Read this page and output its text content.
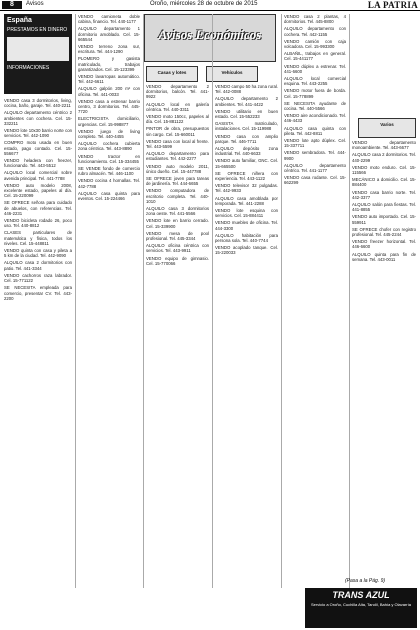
8	Avisos	Oroño, miércoles 28 de octubre de 2015	LA PATRIA
España
PRESTAMOS EN DINERO
INFORMACIONES
Avisos Económicos
Casas y lotes	Vehículos
Varios

VENDO casa 3 dormitorios, living, cocina, baño, garaje. Tel. 440-2211

ALQUILO departamento céntrico 2 ambientes con cochera. Cel. 15-332211

VENDO lote 10x30 barrio norte con servicios. Tel. 442-1090

COMPRO moto usada en buen estado, pago contado. Cel. 15-556677

VENDO heladera con freezer, funcionando. Tel. 443-5512

ALQUILO local comercial sobre avenida principal. Tel. 441-7788

VENDO auto modelo 2008, excelente estado, papeles al día. Cel. 15-220099

SE OFRECE señora para cuidado de abuelos, con referencias. Tel. 446-2231

VENDO bicicleta rodado 26, poco uso. Tel. 440-8812

CLASES particulares de matemática y física, todos los niveles. Cel. 15-448811

VENDO quinta con casa y pileta a 5 km de la ciudad. Tel. 442-9090

ALQUILO casa 2 dormitorios con patio. Tel. 441-3344

VENDO cachorros raza labrador. Cel. 15-771122

SE NECESITA empleada para comercio, presentar CV. Tel. 443-2200

VENDO camioneta doble cabina, financio. Tel. 440-1177

ALQUILO departamento 1 dormitorio amoblado. Cel. 15-665544

VENDO terreno zona sur, escritura. Tel. 444-1290

PLOMERO y gasista matriculado, trabajos garantizados. Cel. 15-123399

VENDO lavarropas automático. Tel. 442-6611

ALQUILO galpón 200 m² con oficina. Tel. 441-0033

VENDO casa a estrenar barrio centro, 3 dormitorios. Tel. 445-7720

ELECTRICISTA domiciliario, urgencias. Cel. 15-998877

VENDO juego de living completo. Tel. 440-4455

ALQUILO cochera cubierta zona céntrica. Tel. 443-8890

VENDO tractor en funcionamiento. Cel. 15-334455

SE VENDE fondo de comercio rubro almacén. Tel. 446-1100

VENDO cocina 4 hornallas. Tel. 442-7788

ALQUILO casa quinta para eventos. Cel. 15-224466

VENDO departamento 2 dormitorios, balcón. Tel. 441-9922

ALQUILO local en galería céntrica. Tel. 440-3311

VENDO moto 150cc, papeles al día. Cel. 15-881122

PINTOR de obra, presupuestos sin cargo. Cel. 15-660011

VENDO casa con local al frente. Tel. 443-5599

ALQUILO departamento para estudiantes. Tel. 442-2277

VENDO auto modelo 2011, único dueño. Cel. 15-447788

SE OFRECE joven para tareas de jardinería. Tel. 444-6655

VENDO computadora de escritorio completa. Tel. 440-1010

ALQUILO casa 3 dormitorios zona oeste. Tel. 441-5566

VENDO lote en barrio cerrado. Cel. 15-339900

VENDO mesa de pool profesional. Tel. 445-3344

ALQUILO oficina céntrica con servicios. Tel. 443-9911

VENDO equipo de gimnasio. Cel. 15-770066

VENDO campo 50 ha zona rural. Tel. 442-0088

ALQUILO departamento 2 ambientes. Tel. 441-4422

VENDO utilitario en buen estado. Cel. 15-552233

GASISTA matriculado, instalaciones. Cel. 15-119988

VENDO casa con amplio parque. Tel. 446-7711

ALQUILO depósito zona industrial. Tel. 440-6633

VENDO auto familiar, GNC. Cel. 15-665500

SE OFRECE niñera con experiencia. Tel. 443-1122

VENDO televisor 32 pulgadas. Tel. 442-9933

ALQUILO casa amoblada por temporada. Tel. 441-2288

VENDO lote esquina con servicios. Cel. 15-884411

VENDO muebles de oficina. Tel. 444-3300

ALQUILO habitación para persona sola. Tel. 440-7744

VENDO acoplado tanque. Cel. 15-220033

VENDO casa 2 plantas, 4 dormitorios. Tel. 445-8800

ALQUILO departamento con cochera. Tel. 442-1155

VENDO camión con caja volcadora. Cel. 15-993300

ALBAÑIL, trabajos en general. Cel. 15-441177

VENDO dúplex a estrenar. Tel. 441-6600

ALQUILO local comercial esquina. Tel. 443-2255

VENDO motor fuera de borda. Cel. 15-778899

SE NECESITA ayudante de cocina. Tel. 440-5566

VENDO aire acondicionado. Tel. 446-4433

ALQUILO casa quinta con pileta. Tel. 442-8811

VENDO lote apto dúplex. Cel. 15-337711

VENDO sembradora. Tel. 444-9900

ALQUILO departamento céntrico. Tel. 441-1177

VENDO casa rodante. Cel. 15-662299

VENDO departamento monoambiente. Tel. 443-6677

ALQUILO casa 2 dormitorios. Tel. 440-2299

VENDO moto enduro. Cel. 15-115566

MECÁNICO a domicilio. Cel. 15-884400

VENDO casa barrio norte. Tel. 442-3377

ALQUILO salón para fiestas. Tel. 441-8855

VENDO auto importado. Cel. 15-559911

SE OFRECE chofer con registro profesional. Tel. 445-2244

VENDO freezer horizontal. Tel. 446-6600

ALQUILO quinta para fin de semana. Tel. 443-0011

(Pasa a la Pág. 9)
TRANS AZUL
Servicio a Oroño, Cuchilla Alta, Tandil, Bahía y Olavarría
